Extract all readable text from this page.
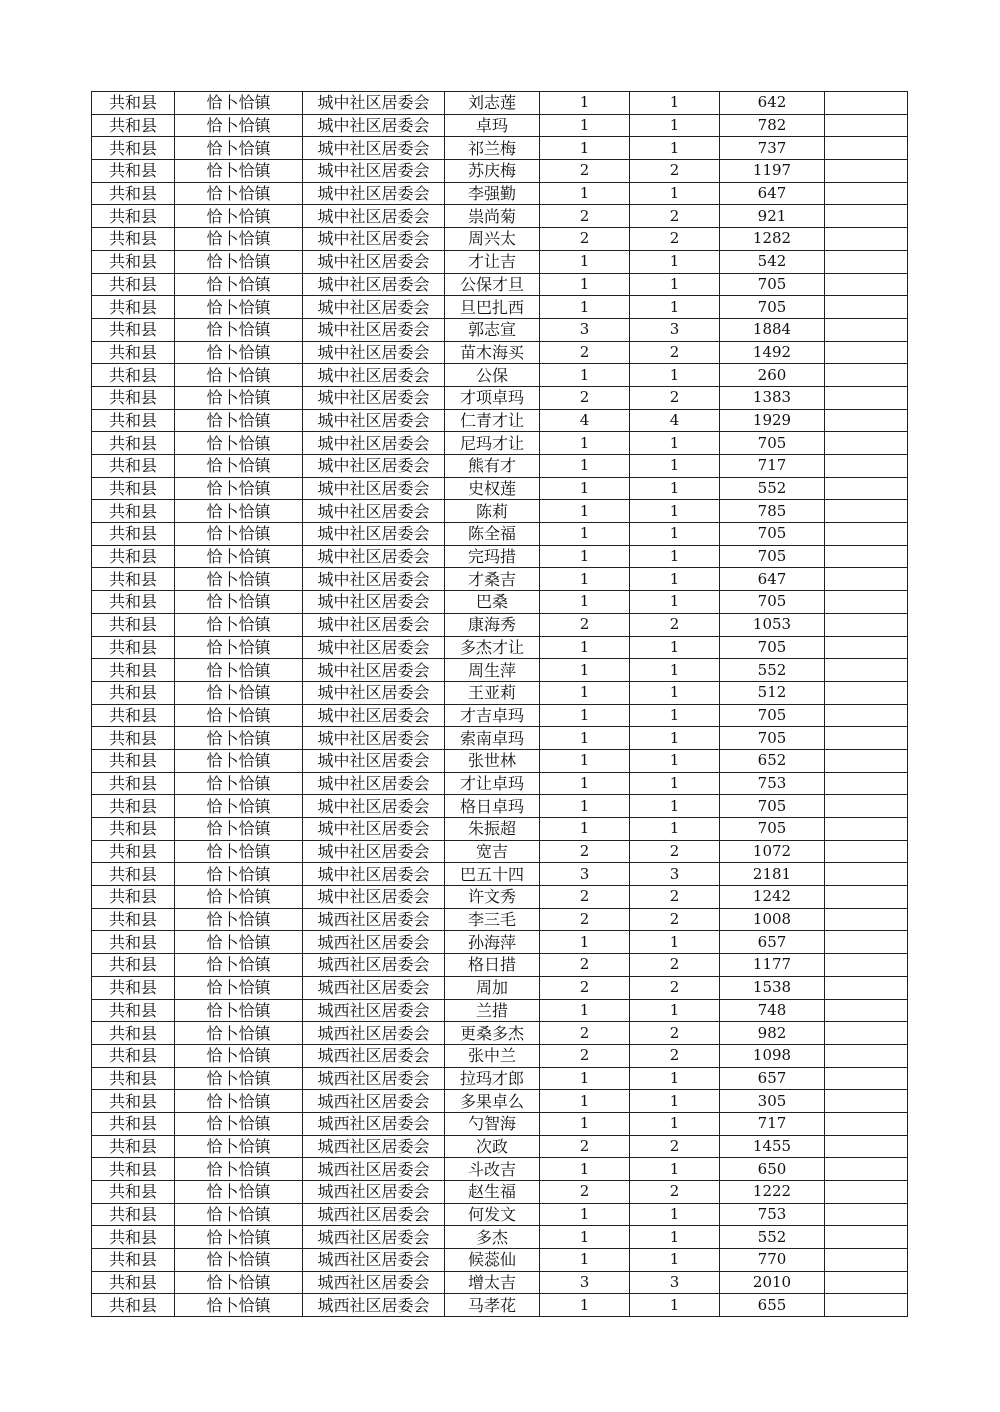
共和县	恰卜恰镇	城中社区居委会	刘志莲	1	1	642	
共和县	恰卜恰镇	城中社区居委会	卓玛	1	1	782	
共和县	恰卜恰镇	城中社区居委会	祁兰梅	1	1	737	
共和县	恰卜恰镇	城中社区居委会	苏庆梅	2	2	1197	
共和县	恰卜恰镇	城中社区居委会	李强勤	1	1	647	
共和县	恰卜恰镇	城中社区居委会	祟尚菊	2	2	921	
共和县	恰卜恰镇	城中社区居委会	周兴太	2	2	1282	
共和县	恰卜恰镇	城中社区居委会	才让吉	1	1	542	
共和县	恰卜恰镇	城中社区居委会	公保才旦	1	1	705	
共和县	恰卜恰镇	城中社区居委会	旦巴扎西	1	1	705	
共和县	恰卜恰镇	城中社区居委会	郭志宣	3	3	1884	
共和县	恰卜恰镇	城中社区居委会	苗木海买	2	2	1492	
共和县	恰卜恰镇	城中社区居委会	公保	1	1	260	
共和县	恰卜恰镇	城中社区居委会	才项卓玛	2	2	1383	
共和县	恰卜恰镇	城中社区居委会	仁青才让	4	4	1929	
共和县	恰卜恰镇	城中社区居委会	尼玛才让	1	1	705	
共和县	恰卜恰镇	城中社区居委会	熊有才	1	1	717	
共和县	恰卜恰镇	城中社区居委会	史权莲	1	1	552	
共和县	恰卜恰镇	城中社区居委会	陈莉	1	1	785	
共和县	恰卜恰镇	城中社区居委会	陈全福	1	1	705	
共和县	恰卜恰镇	城中社区居委会	完玛措	1	1	705	
共和县	恰卜恰镇	城中社区居委会	才桑吉	1	1	647	
共和县	恰卜恰镇	城中社区居委会	巴桑	1	1	705	
共和县	恰卜恰镇	城中社区居委会	康海秀	2	2	1053	
共和县	恰卜恰镇	城中社区居委会	多杰才让	1	1	705	
共和县	恰卜恰镇	城中社区居委会	周生萍	1	1	552	
共和县	恰卜恰镇	城中社区居委会	王亚莉	1	1	512	
共和县	恰卜恰镇	城中社区居委会	才吉卓玛	1	1	705	
共和县	恰卜恰镇	城中社区居委会	索南卓玛	1	1	705	
共和县	恰卜恰镇	城中社区居委会	张世林	1	1	652	
共和县	恰卜恰镇	城中社区居委会	才让卓玛	1	1	753	
共和县	恰卜恰镇	城中社区居委会	格日卓玛	1	1	705	
共和县	恰卜恰镇	城中社区居委会	朱振超	1	1	705	
共和县	恰卜恰镇	城中社区居委会	宽吉	2	2	1072	
共和县	恰卜恰镇	城中社区居委会	巴五十四	3	3	2181	
共和县	恰卜恰镇	城中社区居委会	许文秀	2	2	1242	
共和县	恰卜恰镇	城西社区居委会	李三毛	2	2	1008	
共和县	恰卜恰镇	城西社区居委会	孙海萍	1	1	657	
共和县	恰卜恰镇	城西社区居委会	格日措	2	2	1177	
共和县	恰卜恰镇	城西社区居委会	周加	2	2	1538	
共和县	恰卜恰镇	城西社区居委会	兰措	1	1	748	
共和县	恰卜恰镇	城西社区居委会	更桑多杰	2	2	982	
共和县	恰卜恰镇	城西社区居委会	张中兰	2	2	1098	
共和县	恰卜恰镇	城西社区居委会	拉玛才郎	1	1	657	
共和县	恰卜恰镇	城西社区居委会	多果卓么	1	1	305	
共和县	恰卜恰镇	城西社区居委会	勺智海	1	1	717	
共和县	恰卜恰镇	城西社区居委会	次政	2	2	1455	
共和县	恰卜恰镇	城西社区居委会	斗改吉	1	1	650	
共和县	恰卜恰镇	城西社区居委会	赵生福	2	2	1222	
共和县	恰卜恰镇	城西社区居委会	何发文	1	1	753	
共和县	恰卜恰镇	城西社区居委会	多杰	1	1	552	
共和县	恰卜恰镇	城西社区居委会	候蕊仙	1	1	770	
共和县	恰卜恰镇	城西社区居委会	增太吉	3	3	2010	
共和县	恰卜恰镇	城西社区居委会	马孝花	1	1	655	
